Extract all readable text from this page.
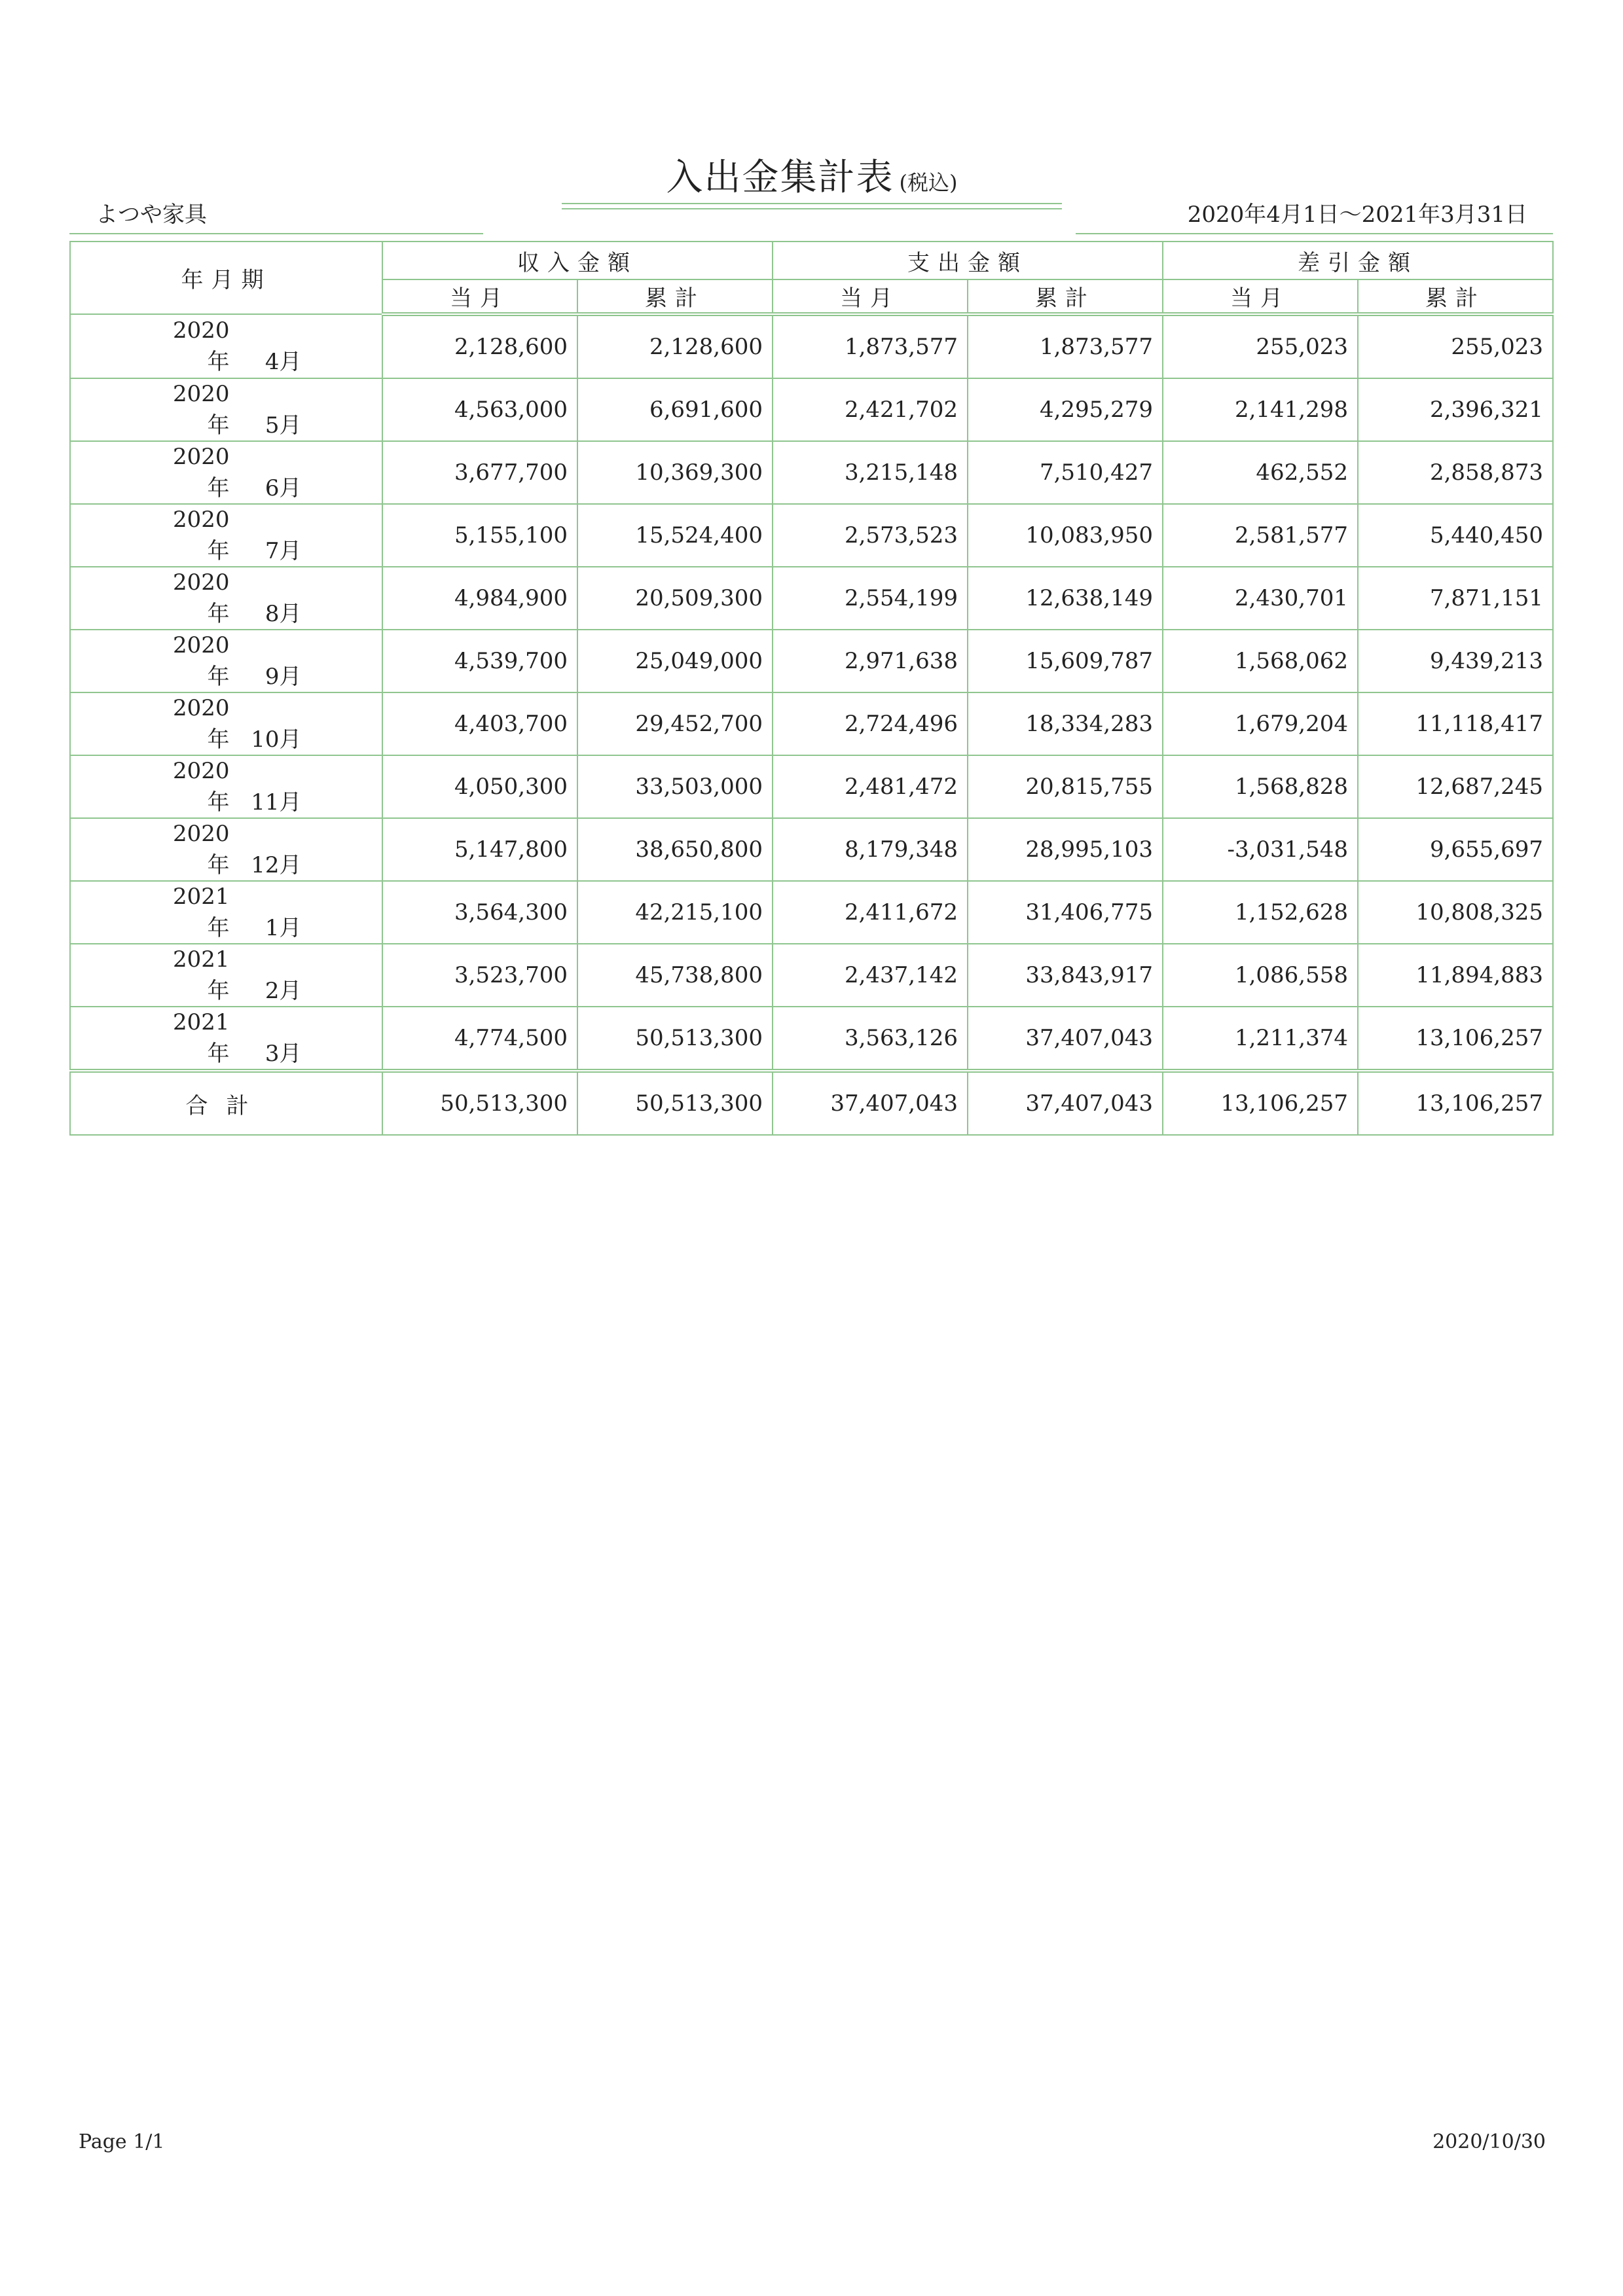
入出金集計表 (税込)
よつや家具	2020年4月1日～2021年3月31日
年月期	収入金額		支出金額		差引金額	
	当月	累計	当月	累計	当月	累計
2020年 4月	2,128,600	2,128,600	1,873,577	1,873,577	255,023	255,023
2020年 5月	4,563,000	6,691,600	2,421,702	4,295,279	2,141,298	2,396,321
2020年 6月	3,677,700	10,369,300	3,215,148	7,510,427	462,552	2,858,873
2020年 7月	5,155,100	15,524,400	2,573,523	10,083,950	2,581,577	5,440,450
2020年 8月	4,984,900	20,509,300	2,554,199	12,638,149	2,430,701	7,871,151
2020年 9月	4,539,700	25,049,000	2,971,638	15,609,787	1,568,062	9,439,213
2020年 10月	4,403,700	29,452,700	2,724,496	18,334,283	1,679,204	11,118,417
2020年 11月	4,050,300	33,503,000	2,481,472	20,815,755	1,568,828	12,687,245
2020年 12月	5,147,800	38,650,800	8,179,348	28,995,103	-3,031,548	9,655,697
2021年 1月	3,564,300	42,215,100	2,411,672	31,406,775	1,152,628	10,808,325
2021年 2月	3,523,700	45,738,800	2,437,142	33,843,917	1,086,558	11,894,883
2021年 3月	4,774,500	50,513,300	3,563,126	37,407,043	1,211,374	13,106,257
合計	50,513,300	50,513,300	37,407,043	37,407,043	13,106,257	13,106,257
Page 1/1	2020/10/30
